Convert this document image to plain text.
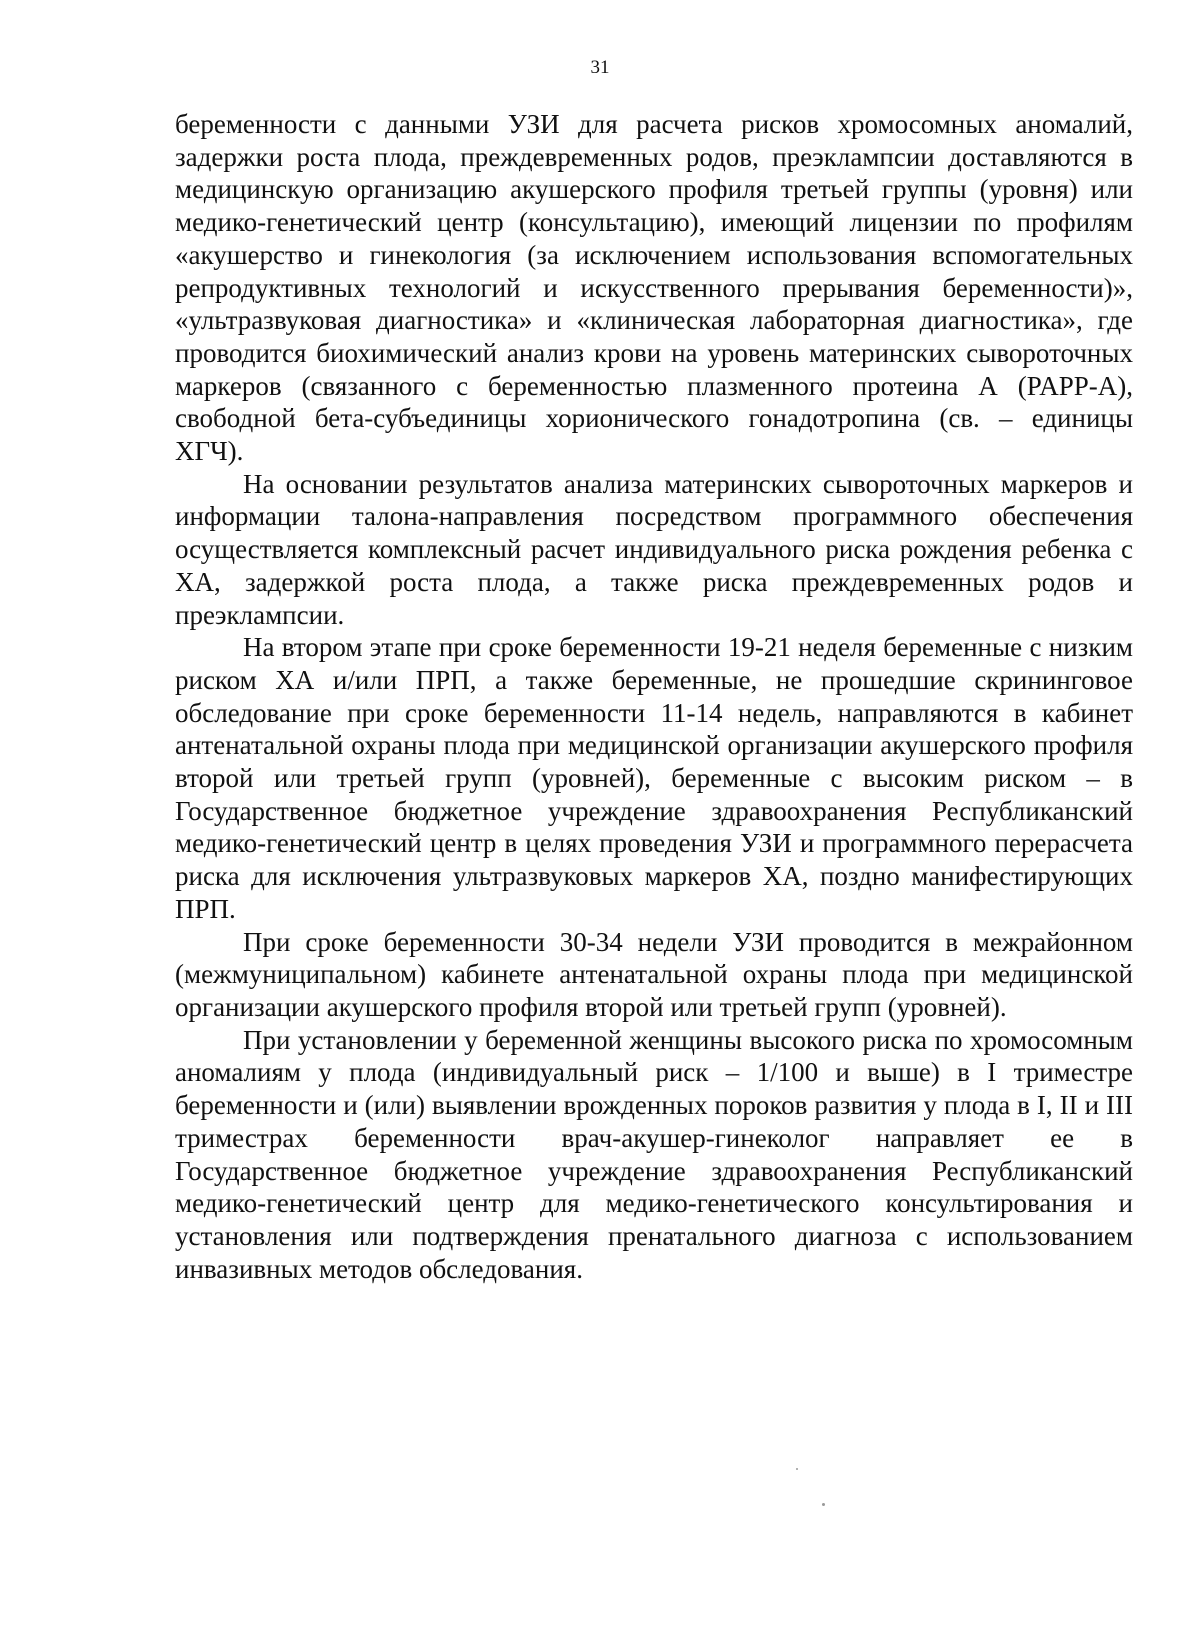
31

беременности с данными УЗИ для расчета рисков хромосомных аномалий, задержки роста плода, преждевременных родов, преэклампсии доставляются в медицинскую организацию акушерского профиля третьей группы (уровня) или медико-генетический центр (консультацию), имеющий лицензии по профилям «акушерство и гинекология (за исключением использования вспомогательных репродуктивных технологий и искусственного прерывания беременности)», «ультразвуковая диагностика» и «клиническая лабораторная диагностика», где проводится биохимический анализ крови на уровень материнских сывороточных маркеров (связанного с беременностью плазменного протеина А (PAPP-A), свободной бета-субъединицы хорионического гонадотропина (св. – единицы ХГЧ).

На основании результатов анализа материнских сывороточных маркеров и информации талона-направления посредством программного обеспечения осуществляется комплексный расчет индивидуального риска рождения ребенка с ХА, задержкой роста плода, а также риска преждевременных родов и преэклампсии.

На втором этапе при сроке беременности 19-21 неделя беременные с низким риском ХА и/или ПРП, а также беременные, не прошедшие скрининговое обследование при сроке беременности 11-14 недель, направляются в кабинет антенатальной охраны плода при медицинской организации акушерского профиля второй или третьей групп (уровней), беременные с высоким риском – в Государственное бюджетное учреждение здравоохранения Республиканский медико-генетический центр в целях проведения УЗИ и программного перерасчета риска для исключения ультразвуковых маркеров ХА, поздно манифестирующих ПРП.

При сроке беременности 30-34 недели УЗИ проводится в межрайонном (межмуниципальном) кабинете антенатальной охраны плода при медицинской организации акушерского профиля второй или третьей групп (уровней).

При установлении у беременной женщины высокого риска по хромосомным аномалиям у плода (индивидуальный риск – 1/100 и выше) в I триместре беременности и (или) выявлении врожденных пороков развития у плода в I, II и III триместрах беременности врач-акушер-гинеколог направляет ее в Государственное бюджетное учреждение здравоохранения Республиканский медико-генетический центр для медико-генетического консультирования и установления или подтверждения пренатального диагноза с использованием инвазивных методов обследования.
